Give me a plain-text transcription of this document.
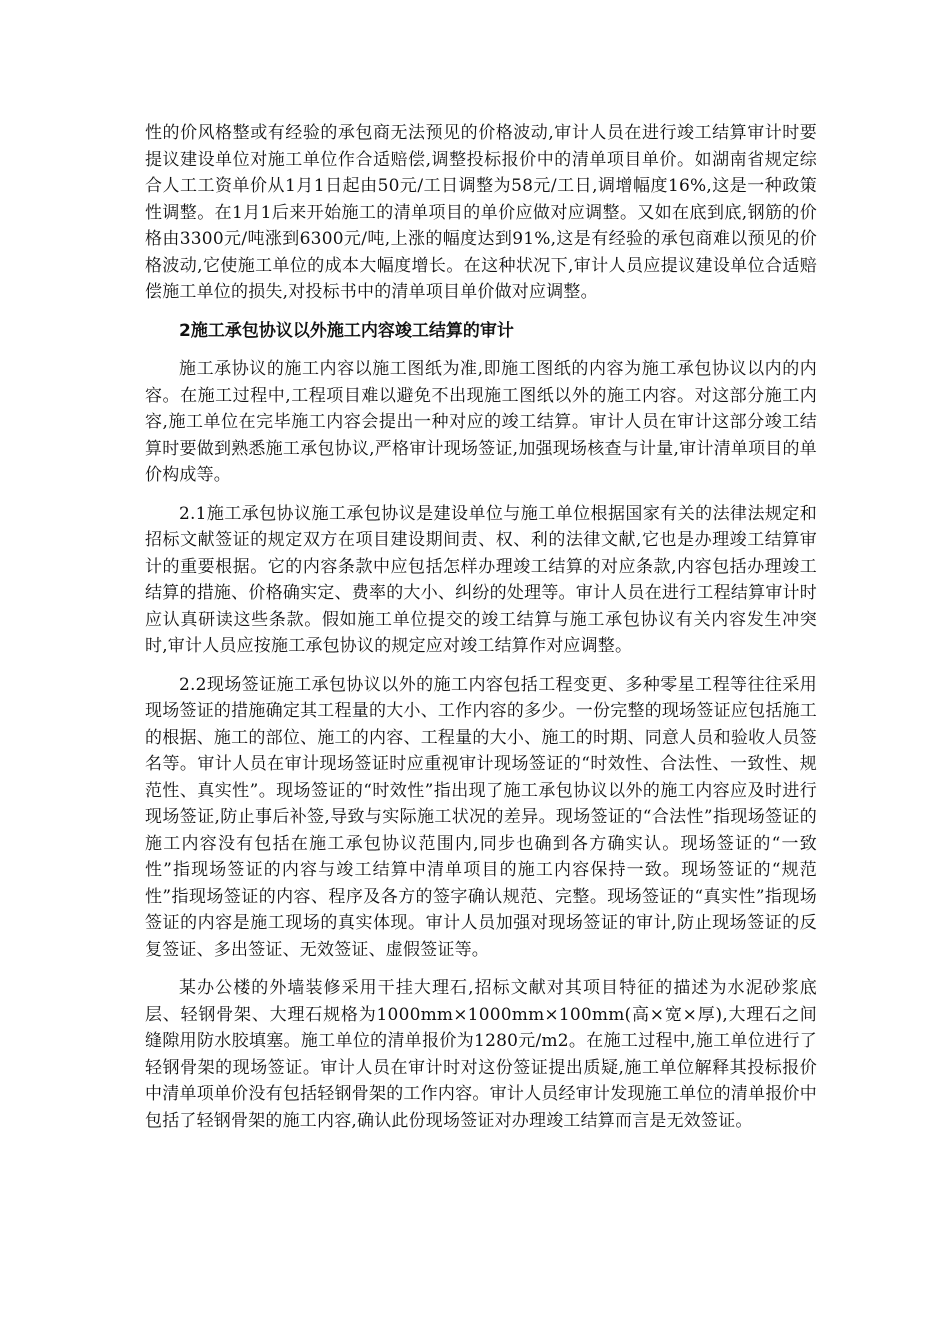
性的价风格整或有经验的承包商无法预见的价格波动,审计人员在进行竣工结算审计时要提议建设单位对施工单位作合适赔偿,调整投标报价中的清单项目单价。如湖南省规定综合人工工资单价从1月1日起由50元/工日调整为58元/工日,调增幅度16%,这是一种政策性调整。在1月1后来开始施工的清单项目的单价应做对应调整。又如在底到底,钢筋的价格由3300元/吨涨到6300元/吨,上涨的幅度达到91%,这是有经验的承包商难以预见的价格波动,它使施工单位的成本大幅度增长。在这种状况下,审计人员应提议建设单位合适赔偿施工单位的损失,对投标书中的清单项目单价做对应调整。

2施工承包协议以外施工内容竣工结算的审计

施工承协议的施工内容以施工图纸为准,即施工图纸的内容为施工承包协议以内的内容。在施工过程中,工程项目难以避免不出现施工图纸以外的施工内容。对这部分施工内容,施工单位在完毕施工内容会提出一种对应的竣工结算。审计人员在审计这部分竣工结算时要做到熟悉施工承包协议,严格审计现场签证,加强现场核查与计量,审计清单项目的单价构成等。

2.1施工承包协议施工承包协议是建设单位与施工单位根据国家有关的法律法规定和招标文献签证的规定双方在项目建设期间责、权、利的法律文献,它也是办理竣工结算审计的重要根据。它的内容条款中应包括怎样办理竣工结算的对应条款,内容包括办理竣工结算的措施、价格确实定、费率的大小、纠纷的处理等。审计人员在进行工程结算审计时应认真研读这些条款。假如施工单位提交的竣工结算与施工承包协议有关内容发生冲突时,审计人员应按施工承包协议的规定应对竣工结算作对应调整。

2.2现场签证施工承包协议以外的施工内容包括工程变更、多种零星工程等往往采用现场签证的措施确定其工程量的大小、工作内容的多少。一份完整的现场签证应包括施工的根据、施工的部位、施工的内容、工程量的大小、施工的时期、同意人员和验收人员签名等。审计人员在审计现场签证时应重视审计现场签证的“时效性、合法性、一致性、规范性、真实性”。现场签证的“时效性”指出现了施工承包协议以外的施工内容应及时进行现场签证,防止事后补签,导致与实际施工状况的差异。现场签证的“合法性”指现场签证的施工内容没有包括在施工承包协议范围内,同步也确到各方确实认。现场签证的“一致性”指现场签证的内容与竣工结算中清单项目的施工内容保持一致。现场签证的“规范性”指现场签证的内容、程序及各方的签字确认规范、完整。现场签证的“真实性”指现场签证的内容是施工现场的真实体现。审计人员加强对现场签证的审计,防止现场签证的反复签证、多出签证、无效签证、虚假签证等。

某办公楼的外墙装修采用干挂大理石,招标文献对其项目特征的描述为水泥砂浆底层、轻钢骨架、大理石规格为1000mm×1000mm×100mm(高×宽×厚),大理石之间缝隙用防水胶填塞。施工单位的清单报价为1280元/m2。在施工过程中,施工单位进行了轻钢骨架的现场签证。审计人员在审计时对这份签证提出质疑,施工单位解释其投标报价中清单项单价没有包括轻钢骨架的工作内容。审计人员经审计发现施工单位的清单报价中包括了轻钢骨架的施工内容,确认此份现场签证对办理竣工结算而言是无效签证。
